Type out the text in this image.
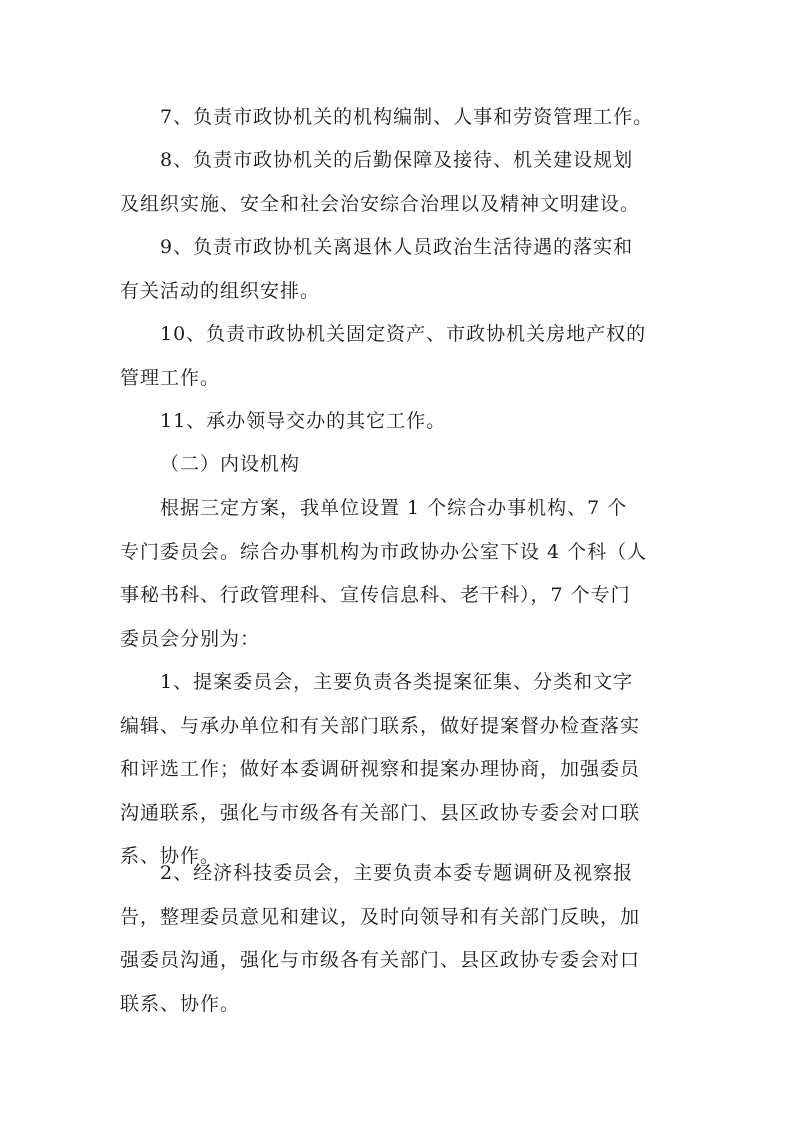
7、负责市政协机关的机构编制、人事和劳资管理工作。
8、负责市政协机关的后勤保障及接待、机关建设规划
及组织实施、安全和社会治安综合治理以及精神文明建设。
9、负责市政协机关离退休人员政治生活待遇的落实和
有关活动的组织安排。
10、负责市政协机关固定资产、市政协机关房地产权的
管理工作。
11、承办领导交办的其它工作。
（二）内设机构
根据三定方案，我单位设置 1 个综合办事机构、7 个
专门委员会。综合办事机构为市政协办公室下设 4 个科（人
事秘书科、行政管理科、宣传信息科、老干科），7 个专门
委员会分别为：
1、提案委员会，主要负责各类提案征集、分类和文字
编辑、与承办单位和有关部门联系，做好提案督办检查落实
和评选工作；做好本委调研视察和提案办理协商，加强委员
沟通联系，强化与市级各有关部门、县区政协专委会对口联
系、协作。
2、经济科技委员会，主要负责本委专题调研及视察报
告，整理委员意见和建议，及时向领导和有关部门反映，加
强委员沟通，强化与市级各有关部门、县区政协专委会对口
联系、协作。
